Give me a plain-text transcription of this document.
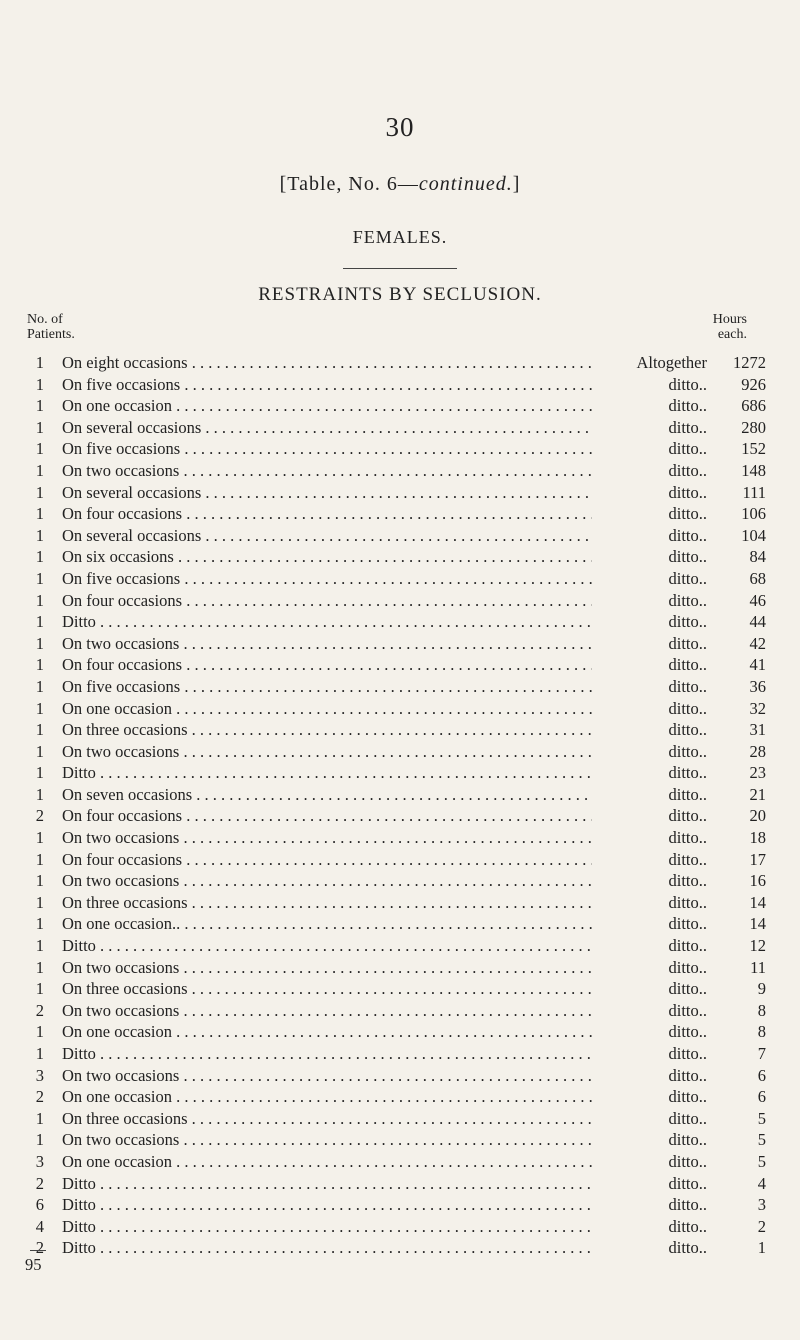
30
[Table, No. 6—continued.]
FEMALES.
RESTRAINTS BY SECLUSION.
No. of
Patients.
Hours
each.
1 On eight occasions . . .	Altogether	1272
1 On five occasions . . .	ditto..	926
1 On one occasion . . .	ditto..	686
1 On several occasions . . .	ditto..	280
1 On five occasions . . .	ditto..	152
1 On two occasions . . .	ditto..	148
1 On several occasions . . .	ditto..	111
1 On four occasions . . .	ditto..	106
1 On several occasions . . .	ditto..	104
1 On six occasions . . .	ditto..	84
1 On five occasions . . .	ditto..	68
1 On four occasions . . .	ditto..	46
1 Ditto . . .	ditto..	44
1 On two occasions . . .	ditto..	42
1 On four occasions . . .	ditto..	41
1 On five occasions . . .	ditto..	36
1 On one occasion . . .	ditto..	32
1 On three occasions . . .	ditto..	31
1 On two occasions . . .	ditto..	28
1 Ditto . . .	ditto..	23
1 On seven occasions . . .	ditto..	21
2 On four occasions . . .	ditto..	20
1 On two occasions . . .	ditto..	18
1 On four occasions . . .	ditto..	17
1 On two occasions . . .	ditto..	16
1 On three occasions . . .	ditto..	14
1 On one occasion.. . . .	ditto..	14
1 Ditto . . .	ditto..	12
1 On two occasions . . .	ditto..	11
1 On three occasions . . .	ditto..	9
2 On two occasions . . .	ditto..	8
1 On one occasion . . .	ditto..	8
1 Ditto . . .	ditto..	7
3 On two occasions . . .	ditto..	6
2 On one occasion . . .	ditto..	6
1 On three occasions . . .	ditto..	5
1 On two occasions . . .	ditto..	5
3 On one occasion . . .	ditto..	5
2 Ditto . . .	ditto..	4
6 Ditto . . .	ditto..	3
4 Ditto . . .	ditto..	2
2 Ditto . . .	ditto..	1
95
